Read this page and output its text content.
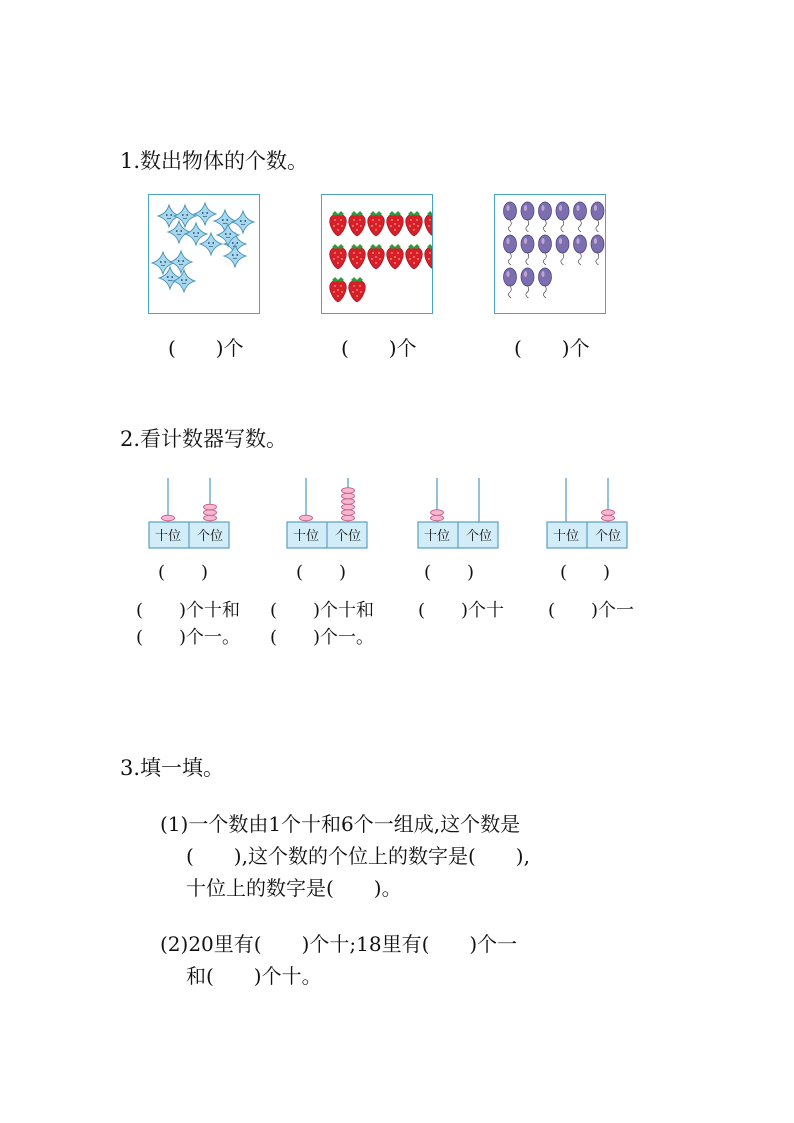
1.数出物体的个数。
(　　)个	(　　)个	(　　)个
2.看计数器写数。
十位 个位	十位 个位	十位 个位	十位 个位
(　　)	(　　)	(　　)	(　　)
(　　)个十和 (　　)个十和 (　　)个十 (　　)个一
(　　)个一。 (　　)个一。
3.填一填。
(1)一个数由1个十和6个一组成,这个数是
(　　),这个数的个位上的数字是(　　),
十位上的数字是(　　)。
(2)20里有(　　)个十;18里有(　　)个一
和(　　)个十。
